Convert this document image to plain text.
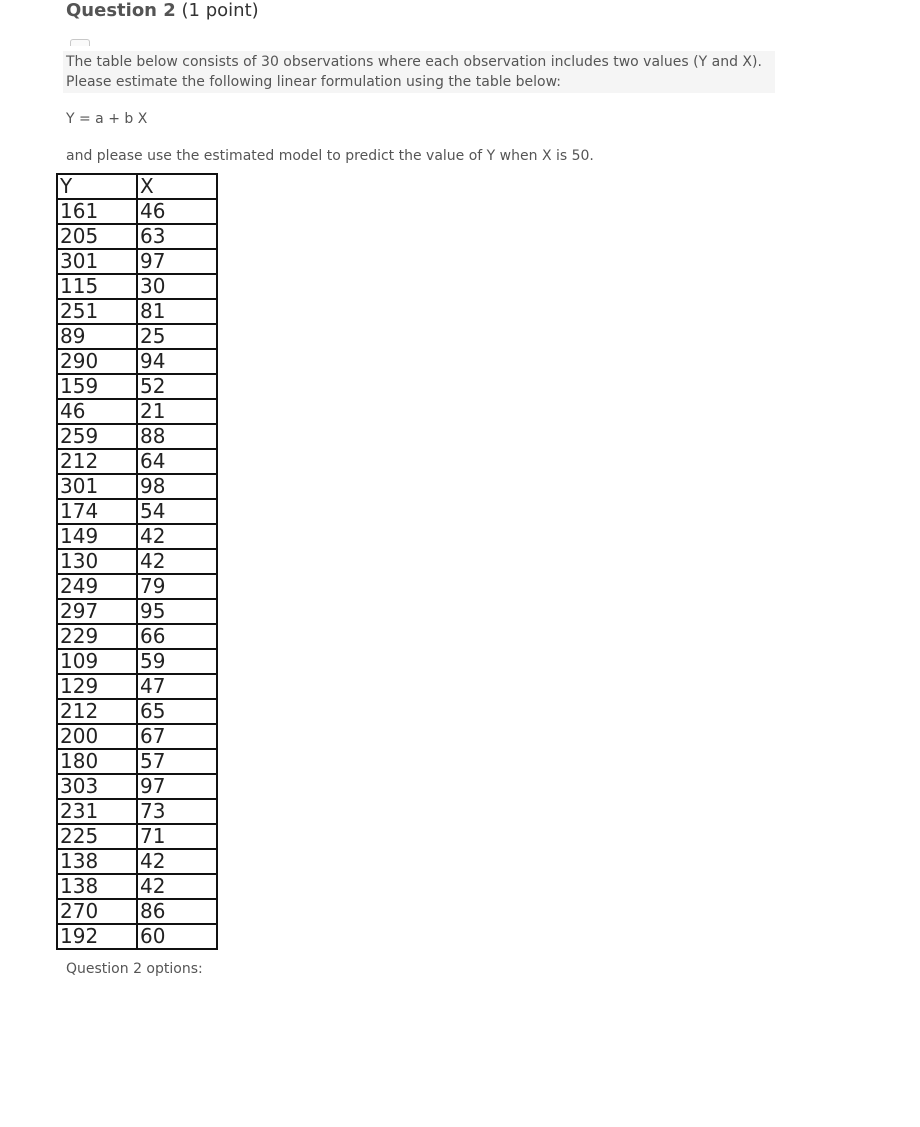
Question 2 (1 point)
The table below consists of 30 observations where each observation includes two values (Y and X).
Please estimate the following linear formulation using the table below:
Y = a + b X
and please use the estimated model to predict the value of Y when X is 50.
Y	X
161	46
205	63
301	97
115	30
251	81
89	25
290	94
159	52
46	21
259	88
212	64
301	98
174	54
149	42
130	42
249	79
297	95
229	66
109	59
129	47
212	65
200	67
180	57
303	97
231	73
225	71
138	42
138	42
270	86
192	60
Question 2 options:
